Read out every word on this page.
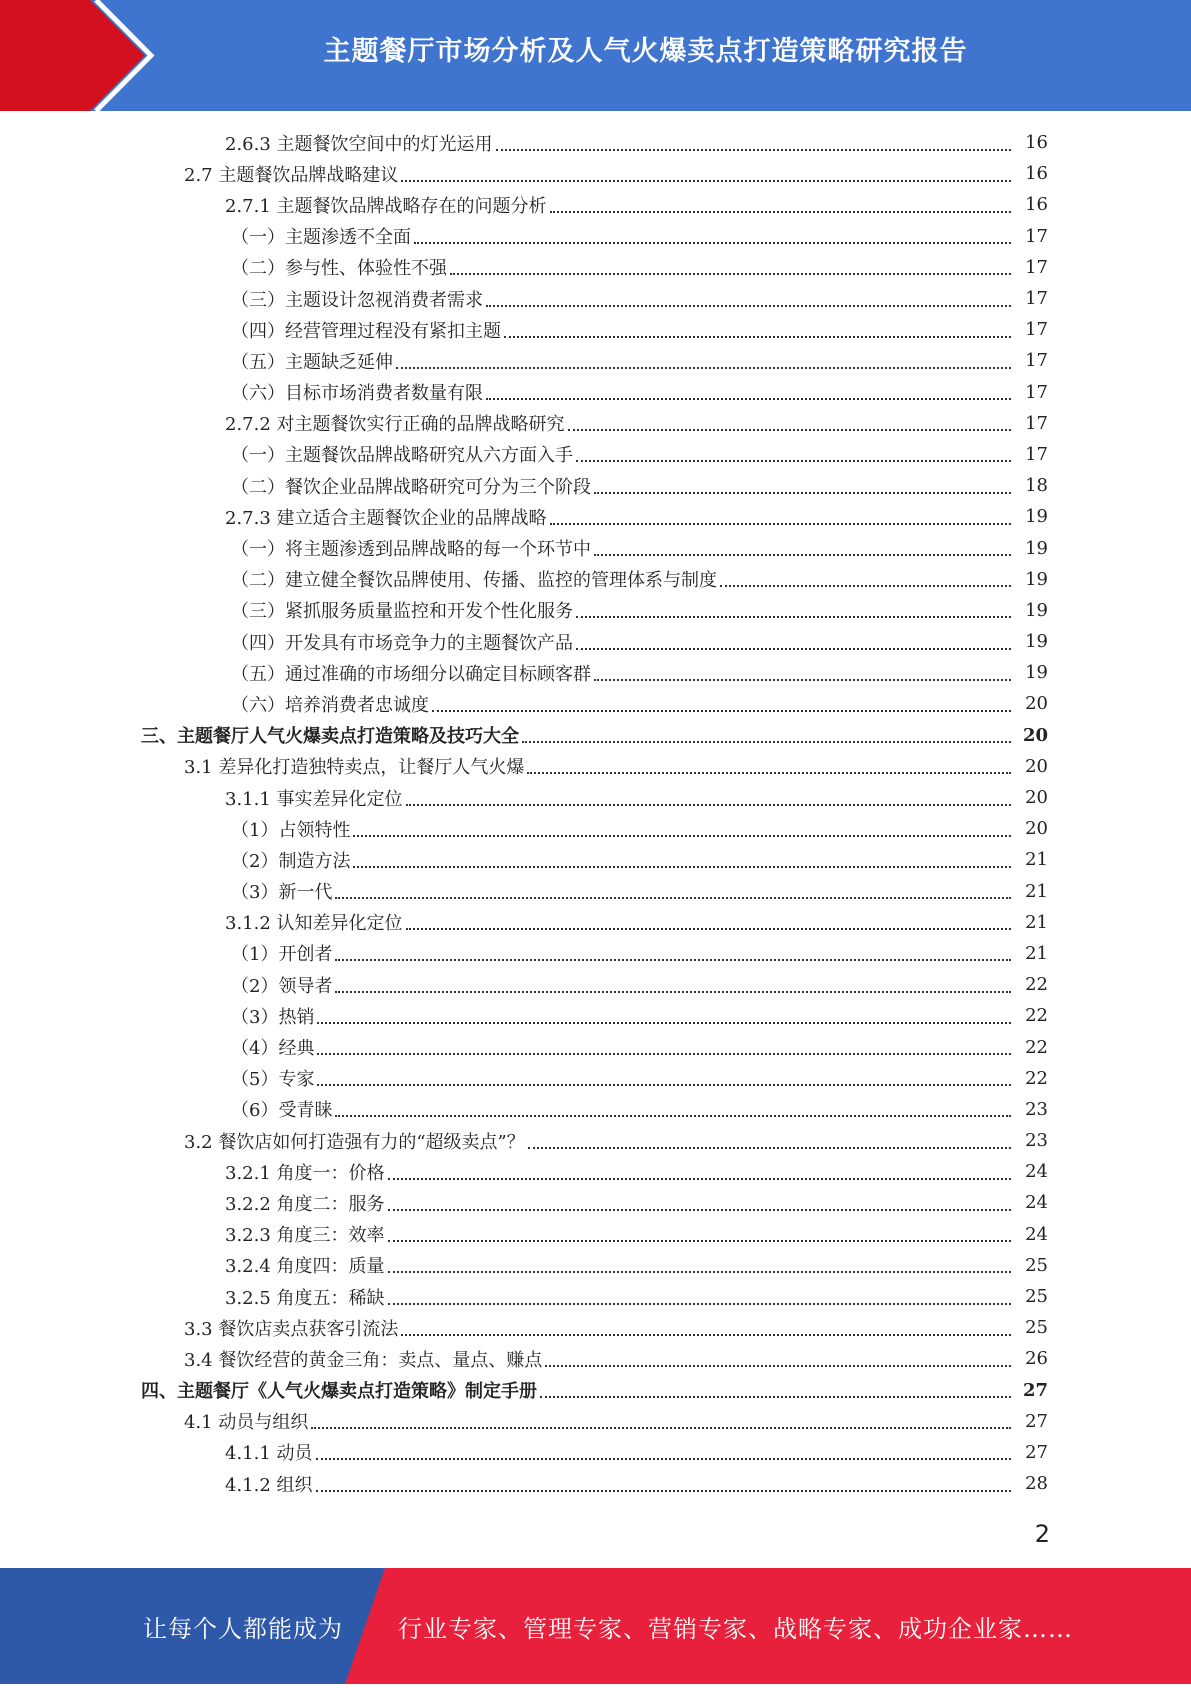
主题餐厅市场分析及人气火爆卖点打造策略研究报告
2.6.3 主题餐饮空间中的灯光运用	16
2.7 主题餐饮品牌战略建议	16
2.7.1 主题餐饮品牌战略存在的问题分析	16
（一）主题渗透不全面	17
（二）参与性、体验性不强	17
（三）主题设计忽视消费者需求	17
（四）经营管理过程没有紧扣主题	17
（五）主题缺乏延伸	17
（六）目标市场消费者数量有限	17
2.7.2 对主题餐饮实行正确的品牌战略研究	17
（一）主题餐饮品牌战略研究从六方面入手	17
（二）餐饮企业品牌战略研究可分为三个阶段	18
2.7.3 建立适合主题餐饮企业的品牌战略	19
（一）将主题渗透到品牌战略的每一个环节中	19
（二）建立健全餐饮品牌使用、传播、监控的管理体系与制度	19
（三）紧抓服务质量监控和开发个性化服务	19
（四）开发具有市场竞争力的主题餐饮产品	19
（五）通过准确的市场细分以确定目标顾客群	19
（六）培养消费者忠诚度	20
三、主题餐厅人气火爆卖点打造策略及技巧大全	20
3.1 差异化打造独特卖点，让餐厅人气火爆	20
3.1.1 事实差异化定位	20
（1）占领特性	20
（2）制造方法	21
（3）新一代	21
3.1.2 认知差异化定位	21
（1）开创者	21
（2）领导者	22
（3）热销	22
（4）经典	22
（5）专家	22
（6）受青睐	23
3.2 餐饮店如何打造强有力的“超级卖点”？	23
3.2.1 角度一：价格	24
3.2.2 角度二：服务	24
3.2.3 角度三：效率	24
3.2.4 角度四：质量	25
3.2.5 角度五：稀缺	25
3.3 餐饮店卖点获客引流法	25
3.4 餐饮经营的黄金三角：卖点、量点、赚点	26
四、主题餐厅《人气火爆卖点打造策略》制定手册	27
4.1 动员与组织	27
4.1.1 动员	27
4.1.2 组织	28
2
让每个人都能成为 行业专家、管理专家、营销专家、战略专家、成功企业家……
